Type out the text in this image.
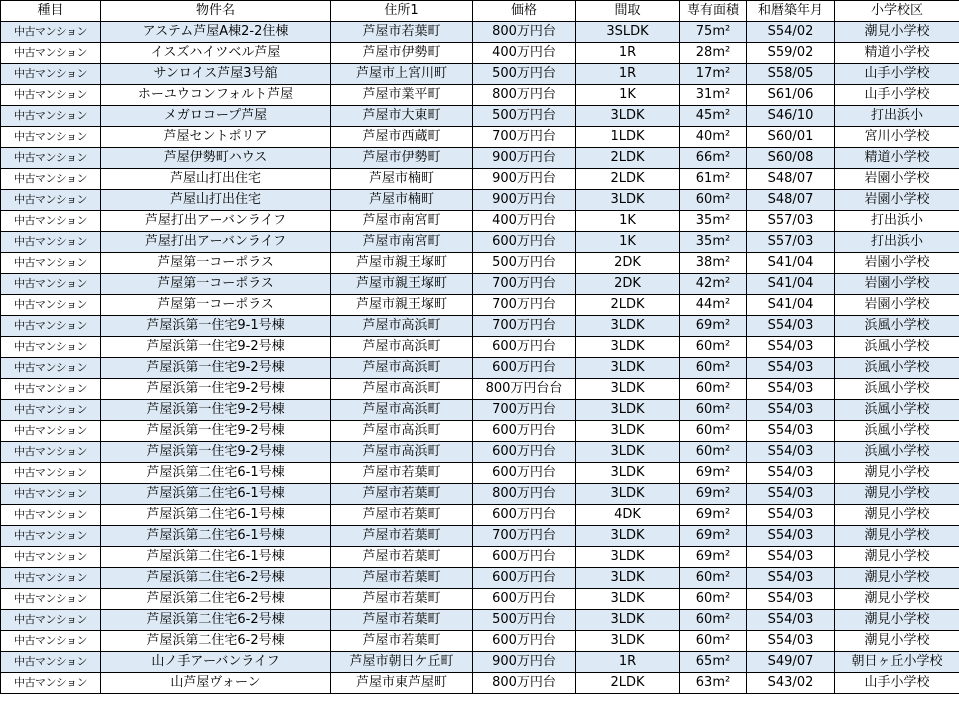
種目	物件名	住所1	価格	間取	専有面積	和暦築年月	小学校区
中古マンション	アステム芦屋A棟2-2住棟	芦屋市若葉町	800万円台	3SLDK	75m²	S54/02	潮見小学校
中古マンション	イスズハイツベル芦屋	芦屋市伊勢町	400万円台	1R	28m²	S59/02	精道小学校
中古マンション	サンロイス芦屋3号舘	芦屋市上宮川町	500万円台	1R	17m²	S58/05	山手小学校
中古マンション	ホーユウコンフォルト芦屋	芦屋市業平町	800万円台	1K	31m²	S61/06	山手小学校
中古マンション	メガロコープ芦屋	芦屋市大東町	500万円台	3LDK	45m²	S46/10	打出浜小
中古マンション	芦屋セントポリア	芦屋市西蔵町	700万円台	1LDK	40m²	S60/01	宮川小学校
中古マンション	芦屋伊勢町ハウス	芦屋市伊勢町	900万円台	2LDK	66m²	S60/08	精道小学校
中古マンション	芦屋山打出住宅	芦屋市楠町	900万円台	2LDK	61m²	S48/07	岩園小学校
中古マンション	芦屋山打出住宅	芦屋市楠町	900万円台	3LDK	60m²	S48/07	岩園小学校
中古マンション	芦屋打出アーバンライフ	芦屋市南宮町	400万円台	1K	35m²	S57/03	打出浜小
中古マンション	芦屋打出アーバンライフ	芦屋市南宮町	600万円台	1K	35m²	S57/03	打出浜小
中古マンション	芦屋第一コーポラス	芦屋市親王塚町	500万円台	2DK	38m²	S41/04	岩園小学校
中古マンション	芦屋第一コーポラス	芦屋市親王塚町	700万円台	2DK	42m²	S41/04	岩園小学校
中古マンション	芦屋第一コーポラス	芦屋市親王塚町	700万円台	2LDK	44m²	S41/04	岩園小学校
中古マンション	芦屋浜第一住宅9-1号棟	芦屋市高浜町	700万円台	3LDK	69m²	S54/03	浜風小学校
中古マンション	芦屋浜第一住宅9-2号棟	芦屋市高浜町	600万円台	3LDK	60m²	S54/03	浜風小学校
中古マンション	芦屋浜第一住宅9-2号棟	芦屋市高浜町	600万円台	3LDK	60m²	S54/03	浜風小学校
中古マンション	芦屋浜第一住宅9-2号棟	芦屋市高浜町	800万円台台	3LDK	60m²	S54/03	浜風小学校
中古マンション	芦屋浜第一住宅9-2号棟	芦屋市高浜町	700万円台	3LDK	60m²	S54/03	浜風小学校
中古マンション	芦屋浜第一住宅9-2号棟	芦屋市高浜町	600万円台	3LDK	60m²	S54/03	浜風小学校
中古マンション	芦屋浜第一住宅9-2号棟	芦屋市高浜町	600万円台	3LDK	60m²	S54/03	浜風小学校
中古マンション	芦屋浜第二住宅6-1号棟	芦屋市若葉町	600万円台	3LDK	69m²	S54/03	潮見小学校
中古マンション	芦屋浜第二住宅6-1号棟	芦屋市若葉町	800万円台	3LDK	69m²	S54/03	潮見小学校
中古マンション	芦屋浜第二住宅6-1号棟	芦屋市若葉町	600万円台	4DK	69m²	S54/03	潮見小学校
中古マンション	芦屋浜第二住宅6-1号棟	芦屋市若葉町	700万円台	3LDK	69m²	S54/03	潮見小学校
中古マンション	芦屋浜第二住宅6-1号棟	芦屋市若葉町	600万円台	3LDK	69m²	S54/03	潮見小学校
中古マンション	芦屋浜第二住宅6-2号棟	芦屋市若葉町	600万円台	3LDK	60m²	S54/03	潮見小学校
中古マンション	芦屋浜第二住宅6-2号棟	芦屋市若葉町	600万円台	3LDK	60m²	S54/03	潮見小学校
中古マンション	芦屋浜第二住宅6-2号棟	芦屋市若葉町	500万円台	3LDK	60m²	S54/03	潮見小学校
中古マンション	芦屋浜第二住宅6-2号棟	芦屋市若葉町	600万円台	3LDK	60m²	S54/03	潮見小学校
中古マンション	山ノ手アーバンライフ	芦屋市朝日ケ丘町	900万円台	1R	65m²	S49/07	朝日ヶ丘小学校
中古マンション	山芦屋ヴォーン	芦屋市東芦屋町	800万円台	2LDK	63m²	S43/02	山手小学校
